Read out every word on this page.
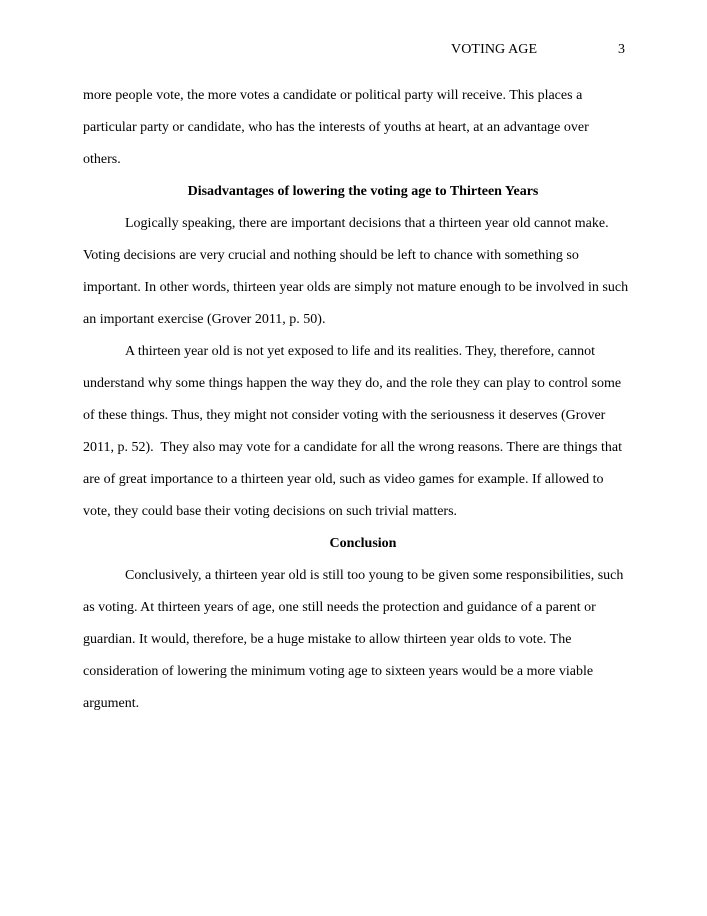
VOTING AGE	3

more people vote, the more votes a candidate or political party will receive. This places a
particular party or candidate, who has the interests of youths at heart, at an advantage over
others.

Disadvantages of lowering the voting age to Thirteen Years

Logically speaking, there are important decisions that a thirteen year old cannot make.
Voting decisions are very crucial and nothing should be left to chance with something so
important. In other words, thirteen year olds are simply not mature enough to be involved in such
an important exercise (Grover 2011, p. 50).

A thirteen year old is not yet exposed to life and its realities. They, therefore, cannot
understand why some things happen the way they do, and the role they can play to control some
of these things. Thus, they might not consider voting with the seriousness it deserves (Grover
2011, p. 52).  They also may vote for a candidate for all the wrong reasons. There are things that
are of great importance to a thirteen year old, such as video games for example. If allowed to
vote, they could base their voting decisions on such trivial matters.

Conclusion

Conclusively, a thirteen year old is still too young to be given some responsibilities, such
as voting. At thirteen years of age, one still needs the protection and guidance of a parent or
guardian. It would, therefore, be a huge mistake to allow thirteen year olds to vote. The
consideration of lowering the minimum voting age to sixteen years would be a more viable
argument.
